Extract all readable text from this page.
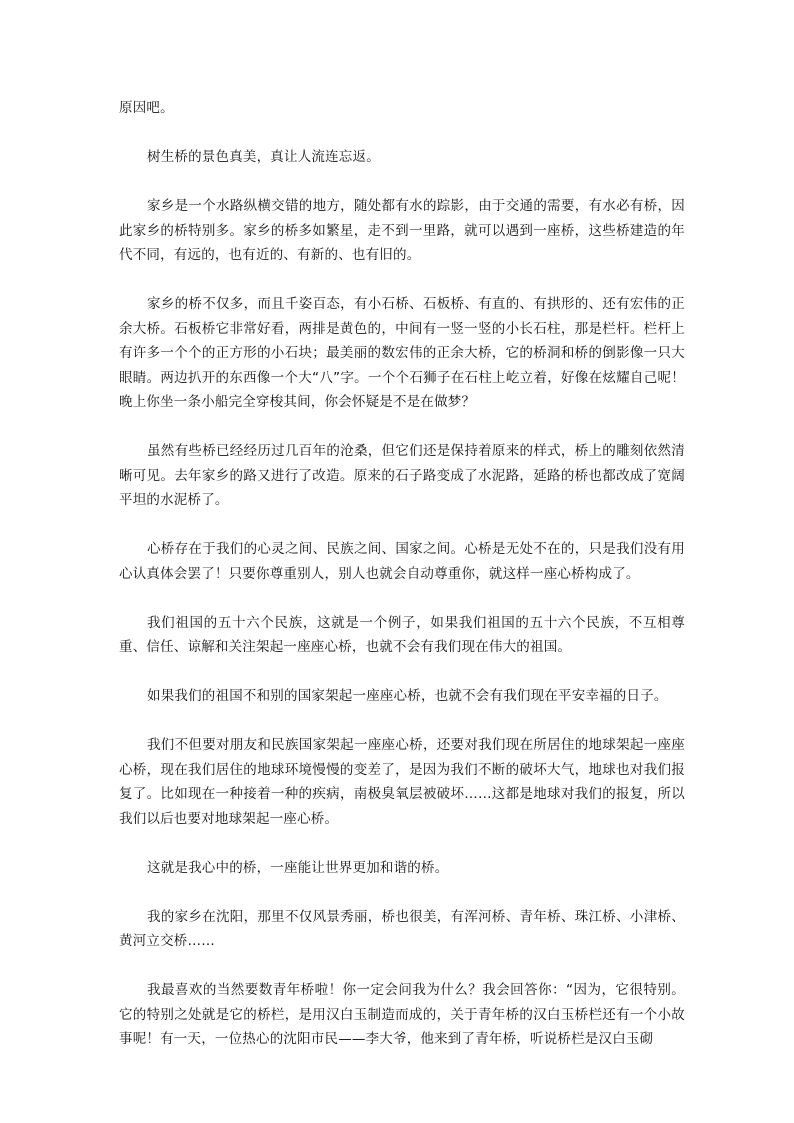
原因吧。

树生桥的景色真美，真让人流连忘返。

家乡是一个水路纵横交错的地方，随处都有水的踪影，由于交通的需要，有水必有桥，因此家乡的桥特别多。家乡的桥多如繁星，走不到一里路，就可以遇到一座桥，这些桥建造的年代不同，有远的，也有近的、有新的、也有旧的。

家乡的桥不仅多，而且千姿百态，有小石桥、石板桥、有直的、有拱形的、还有宏伟的正余大桥。石板桥它非常好看，两排是黄色的，中间有一竖一竖的小长石柱，那是栏杆。栏杆上有许多一个个的正方形的小石块；最美丽的数宏伟的正余大桥，它的桥洞和桥的倒影像一只大眼睛。两边扒开的东西像一个大“八”字。一个个石狮子在石柱上屹立着，好像在炫耀自己呢！晚上你坐一条小船完全穿梭其间，你会怀疑是不是在做梦？

虽然有些桥已经经历过几百年的沧桑，但它们还是保持着原来的样式，桥上的雕刻依然清晰可见。去年家乡的路又进行了改造。原来的石子路变成了水泥路，延路的桥也都改成了宽阔平坦的水泥桥了。

心桥存在于我们的心灵之间、民族之间、国家之间。心桥是无处不在的，只是我们没有用心认真体会罢了！只要你尊重别人，别人也就会自动尊重你，就这样一座心桥构成了。

我们祖国的五十六个民族，这就是一个例子，如果我们祖国的五十六个民族，不互相尊重、信任、谅解和关注架起一座座心桥，也就不会有我们现在伟大的祖国。

如果我们的祖国不和别的国家架起一座座心桥，也就不会有我们现在平安幸福的日子。

我们不但要对朋友和民族国家架起一座座心桥，还要对我们现在所居住的地球架起一座座心桥，现在我们居住的地球环境慢慢的变差了，是因为我们不断的破坏大气，地球也对我们报复了。比如现在一种接着一种的疾病，南极臭氧层被破坏……这都是地球对我们的报复，所以我们以后也要对地球架起一座心桥。

这就是我心中的桥，一座能让世界更加和谐的桥。

我的家乡在沈阳，那里不仅风景秀丽，桥也很美，有浑河桥、青年桥、珠江桥、小津桥、黄河立交桥……

我最喜欢的当然要数青年桥啦！你一定会问我为什么？我会回答你：“因为，它很特别。它的特别之处就是它的桥栏，是用汉白玉制造而成的，关于青年桥的汉白玉桥栏还有一个小故事呢！有一天，一位热心的沈阳市民——李大爷，他来到了青年桥，听说桥栏是汉白玉砌
